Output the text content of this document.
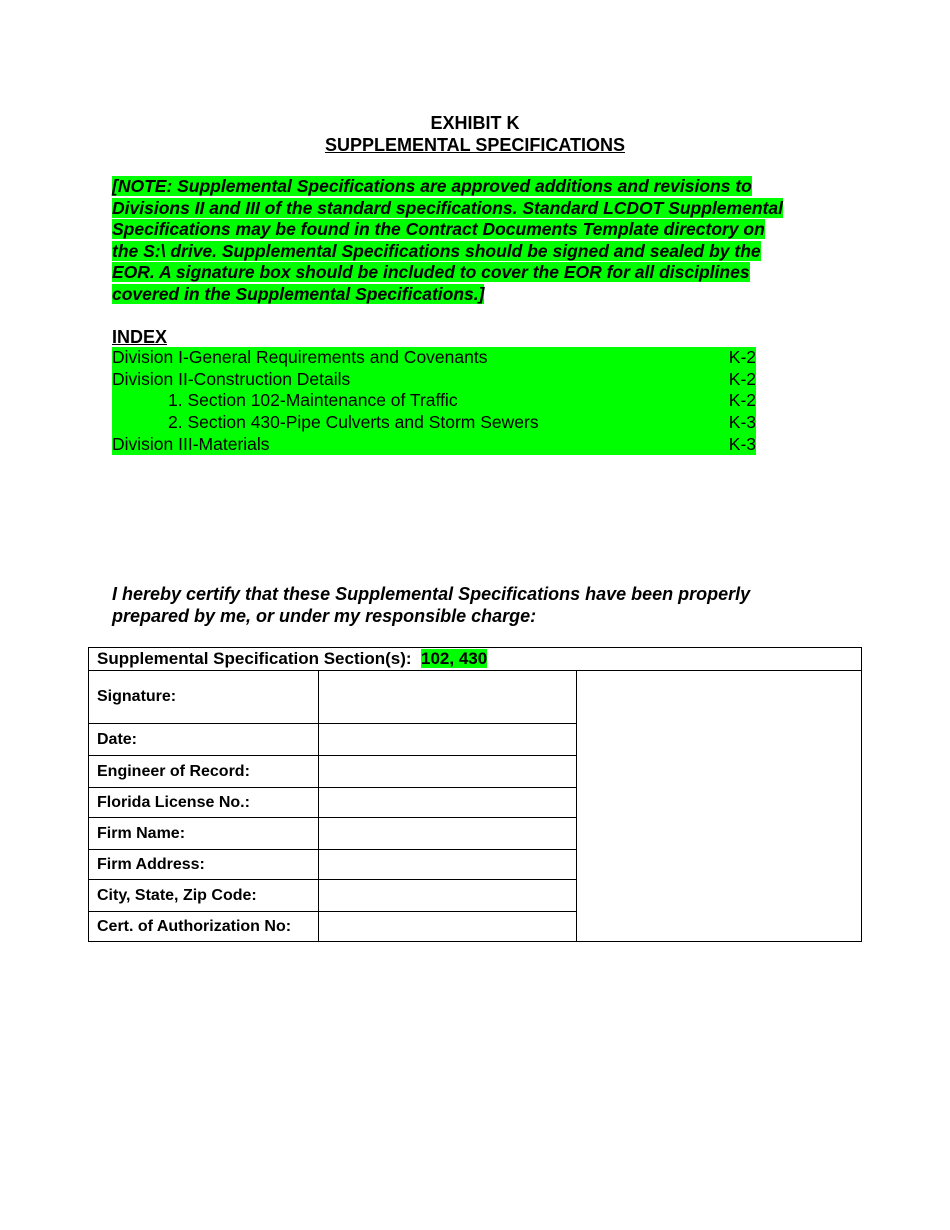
EXHIBIT K
SUPPLEMENTAL SPECIFICATIONS
[NOTE: Supplemental Specifications are approved additions and revisions to
Divisions II and III of the standard specifications. Standard LCDOT Supplemental
Specifications may be found in the Contract Documents Template directory on
the S:\ drive. Supplemental Specifications should be signed and sealed by the
EOR. A signature box should be included to cover the EOR for all disciplines
covered in the Supplemental Specifications.]
INDEX
Division I-General Requirements and Covenants	K-2
Division II-Construction Details	K-2
1. Section 102-Maintenance of Traffic	K-2
2. Section 430-Pipe Culverts and Storm Sewers	K-3
Division III-Materials	K-3
I hereby certify that these Supplemental Specifications have been properly
prepared by me, or under my responsible charge:
Supplemental Specification Section(s): 102, 430		
Signature:		
Date:		
Engineer of Record:		
Florida License No.:		
Firm Name:		
Firm Address:		
City, State, Zip Code:		
Cert. of Authorization No:		
